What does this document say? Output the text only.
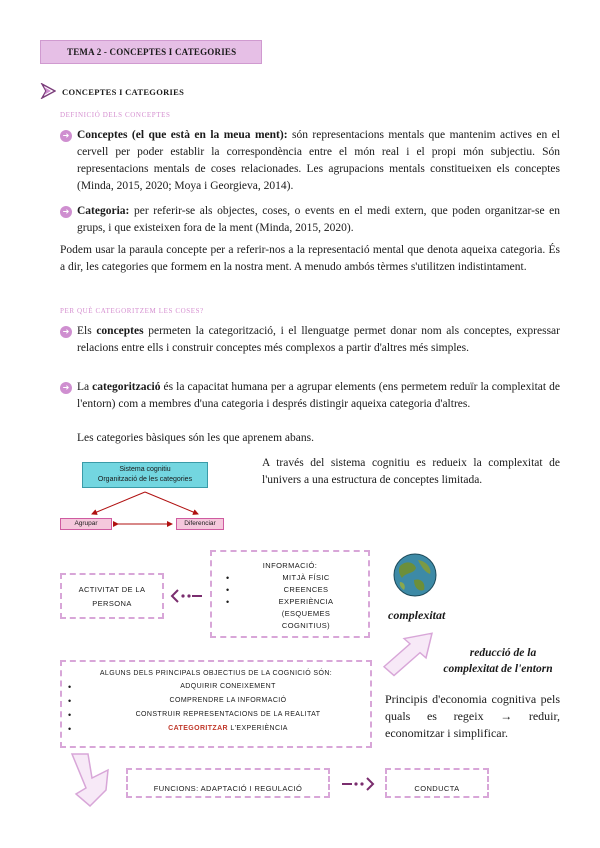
TEMA 2 - CONCEPTES I CATEGORIES
CONCEPTES I CATEGORIES
DEFINICIÓ DELS CONCEPTES
➜ Conceptes (el que està en la meua ment): són representacions mentals que mantenim actives en el cervell per poder establir la correspondència entre el món real i el propi món subjectiu. Són representacions mentals de coses relacionades. Les agrupacions mentals constitueixen els conceptes (Minda, 2015, 2020; Moya i Georgieva, 2014).
➜ Categoria: per referir-se als objectes, coses, o events en el medi extern, que poden organitzar-se en grups, i que existeixen fora de la ment (Minda, 2015, 2020).
Podem usar la paraula concepte per a referir-nos a la representació mental que denota aqueixa categoria. És a dir, les categories que formem en la nostra ment. A menudo ambós tèrmes s'utilitzen indistintament.
PER QUÈ CATEGORITZEM LES COSES?
➜ Els conceptes permeten la categorització, i el llenguatge permet donar nom als conceptes, expressar relacions entre ells i construir conceptes més complexos a partir d'altres més simples.
➜ La categorització és la capacitat humana per a agrupar elements (ens permetem reduïr la complexitat de l'entorn) com a membres d'una categoria i després distingir aqueixa categoria d'altres.
Les categories bàsiques són les que aprenem abans.
Sistema cognitiu
Organització de les categories
Agrupar	Diferenciar
A través del sistema cognitiu es redueix la complexitat de l'univers a una estructura de conceptes limitada.
ACTIVITAT DE LA
PERSONA
INFORMACIÓ:
• MITJÀ FÍSIC
• CREENCES
• EXPERIÈNCIA (ESQUEMES
COGNITIUS)
complexitat
reducció de la
complexitat de l'entorn
ALGUNS DELS PRINCIPALS OBJECTIUS DE LA COGNICIÓ SÓN:
• ADQUIRIR CONEIXEMENT
• COMPRENDRE LA INFORMACIÓ
• CONSTRUIR REPRESENTACIONS DE LA REALITAT
• CATEGORITZAR L'EXPERIÈNCIA
Principis d'economia cognitiva pels quals es regeix → reduir, economitzar i simplificar.
FUNCIONS: ADAPTACIÓ I REGULACIÓ	CONDUCTA
